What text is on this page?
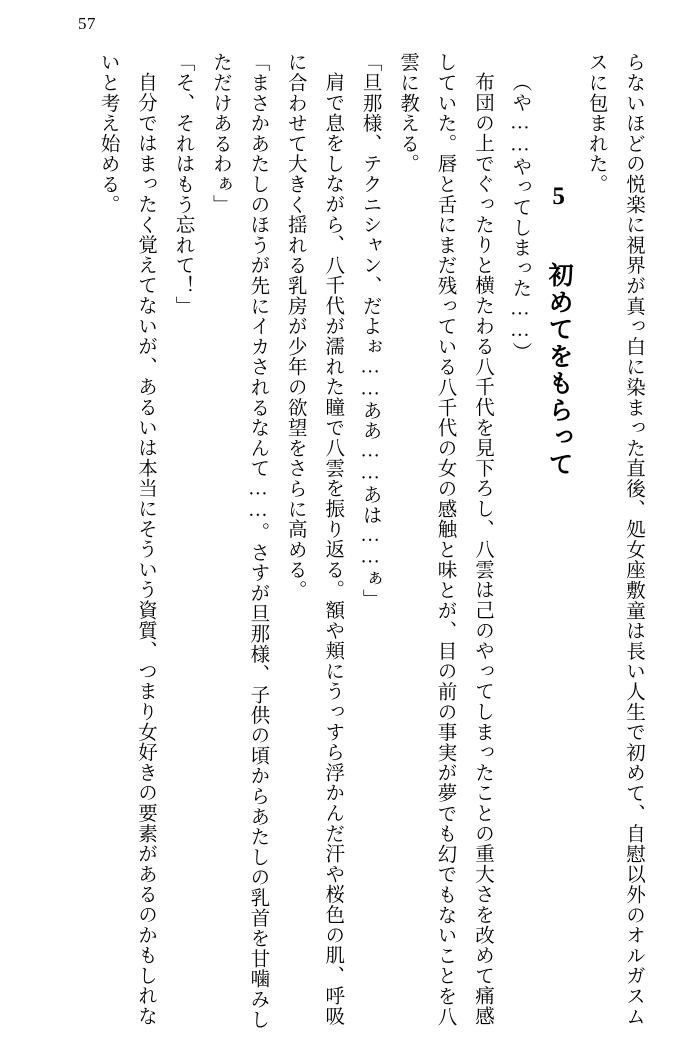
57
らないほどの悦楽に視界が真っ白に染まった直後、処女座敷童は長い人生で初めて、自慰以外のオルガスムスに包まれた。
5　初めてをもらって
（や……やってしまった……）
布団の上でぐったりと横たわる八千代を見下ろし、八雲は己のやってしまったことの重大さを改めて痛感していた。唇と舌にまだ残っている八千代の女の感触と味とが、目の前の事実が夢でも幻でもないことを八雲に教える。
「旦那様、テクニシャン、だよぉ……ああ……あは……ぁ」
肩で息をしながら、八千代が濡れた瞳で八雲を振り返る。額や頬にうっすら浮かんだ汗や桜色の肌、呼吸に合わせて大きく揺れる乳房が少年の欲望をさらに高める。
「まさかあたしのほうが先にイカされるなんて……。さすが旦那様、子供の頃からあたしの乳首を甘噛みしただけあるわぁ」
「そ、それはもう忘れて！」
自分ではまったく覚えてないが、あるいは本当にそういう資質、つまり女好きの要素があるのかもしれないと考え始める。
